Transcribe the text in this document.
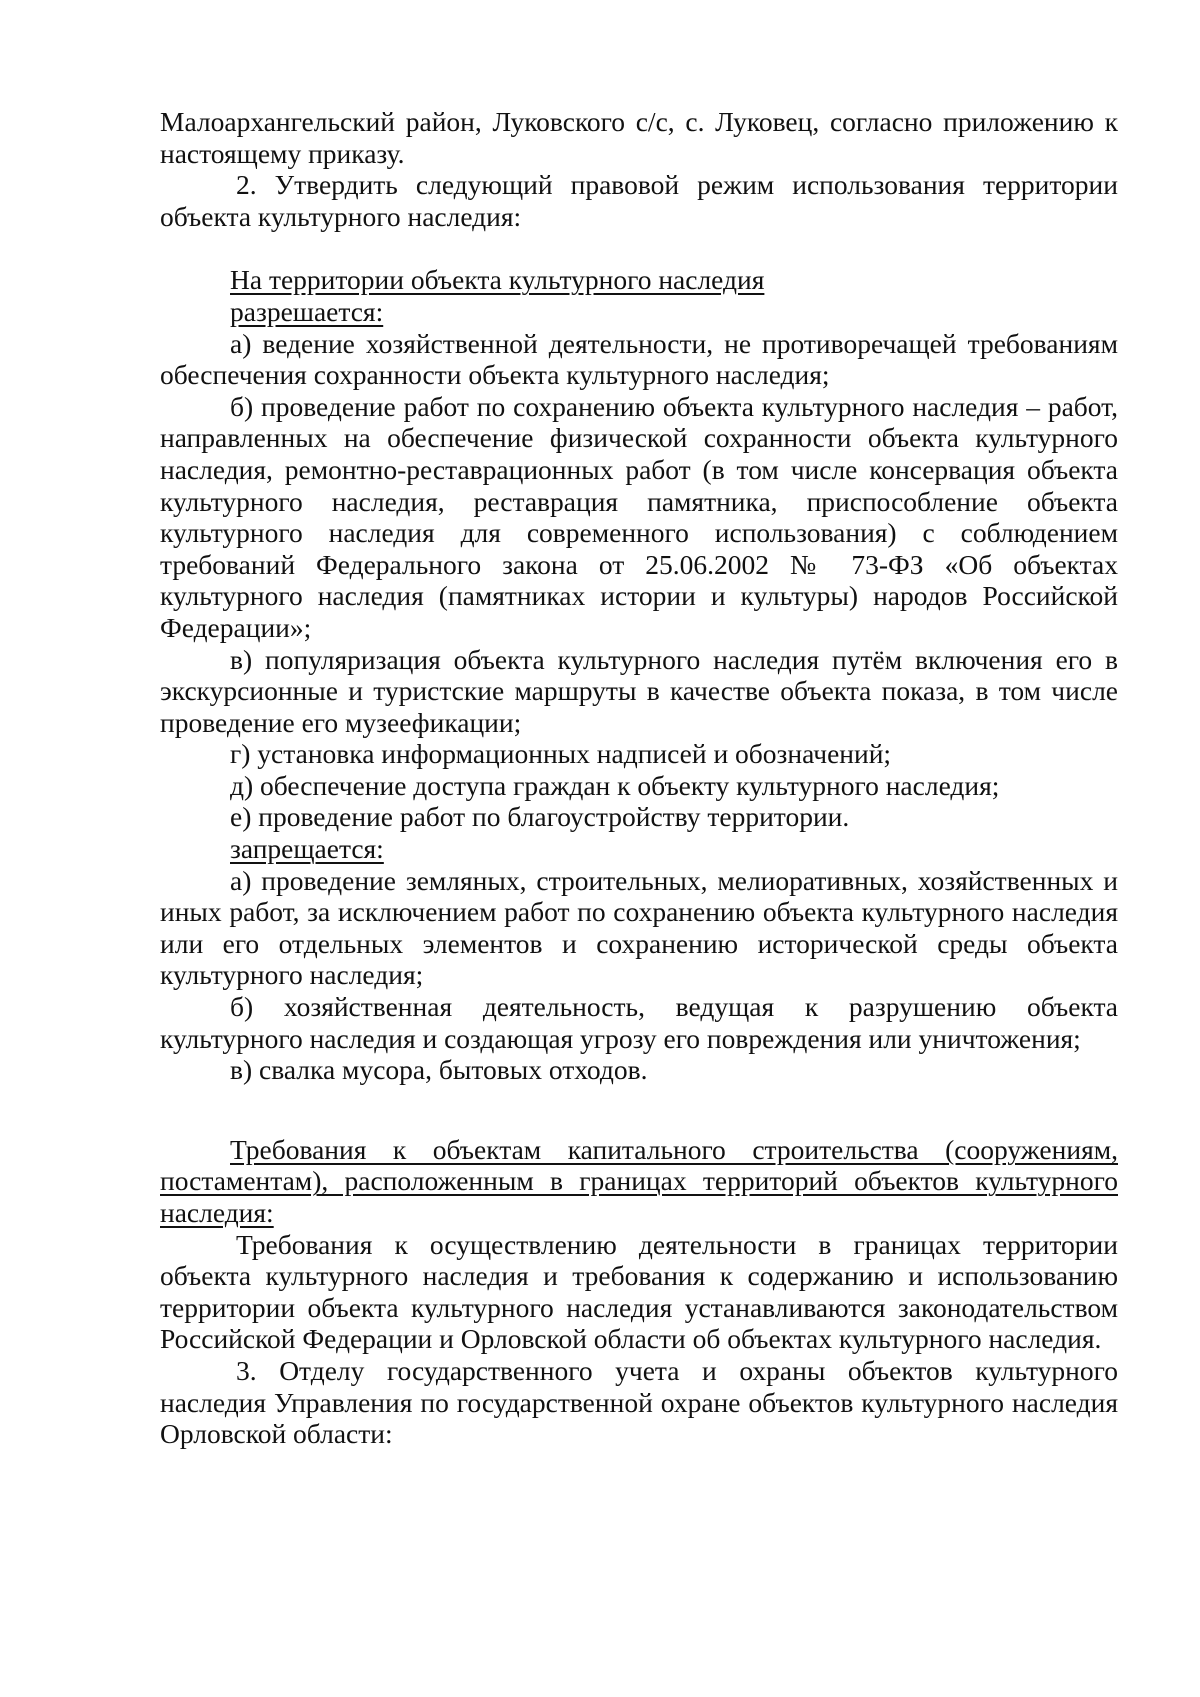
Малоархангельский район, Луковского с/с, с. Луковец, согласно приложению к настоящему приказу.

2. Утвердить следующий правовой режим использования территории объекта культурного наследия:

На территории объекта культурного наследия

разрешается:

а) ведение хозяйственной деятельности, не противоречащей требованиям обеспечения сохранности объекта культурного наследия;

б) проведение работ по сохранению объекта культурного наследия – работ, направленных на обеспечение физической сохранности объекта культурного наследия, ремонтно-реставрационных работ (в том числе консервация объекта культурного наследия, реставрация памятника, приспособление объекта культурного наследия для современного использования) с соблюдением требований Федерального закона от 25.06.2002 № 73-ФЗ «Об объектах культурного наследия (памятниках истории и культуры) народов Российской Федерации»;

в) популяризация объекта культурного наследия путём включения его в экскурсионные и туристские маршруты в качестве объекта показа, в том числе проведение его музеефикации;

г) установка информационных надписей и обозначений;

д) обеспечение доступа граждан к объекту культурного наследия;

е) проведение работ по благоустройству территории.

запрещается:

а) проведение земляных, строительных, мелиоративных, хозяйственных и иных работ, за исключением работ по сохранению объекта культурного наследия или его отдельных элементов и сохранению исторической среды объекта культурного наследия;

б) хозяйственная деятельность, ведущая к разрушению объекта культурного наследия и создающая угрозу его повреждения или уничтожения;

в) свалка мусора, бытовых отходов.

Требования к объектам капитального строительства (сооружениям, постаментам), расположенным в границах территорий объектов культурного наследия:

Требования к осуществлению деятельности в границах территории объекта культурного наследия и требования к содержанию и использованию территории объекта культурного наследия устанавливаются законодательством Российской Федерации и Орловской области об объектах культурного наследия.

3. Отделу государственного учета и охраны объектов культурного наследия Управления по государственной охране объектов культурного наследия Орловской области:
